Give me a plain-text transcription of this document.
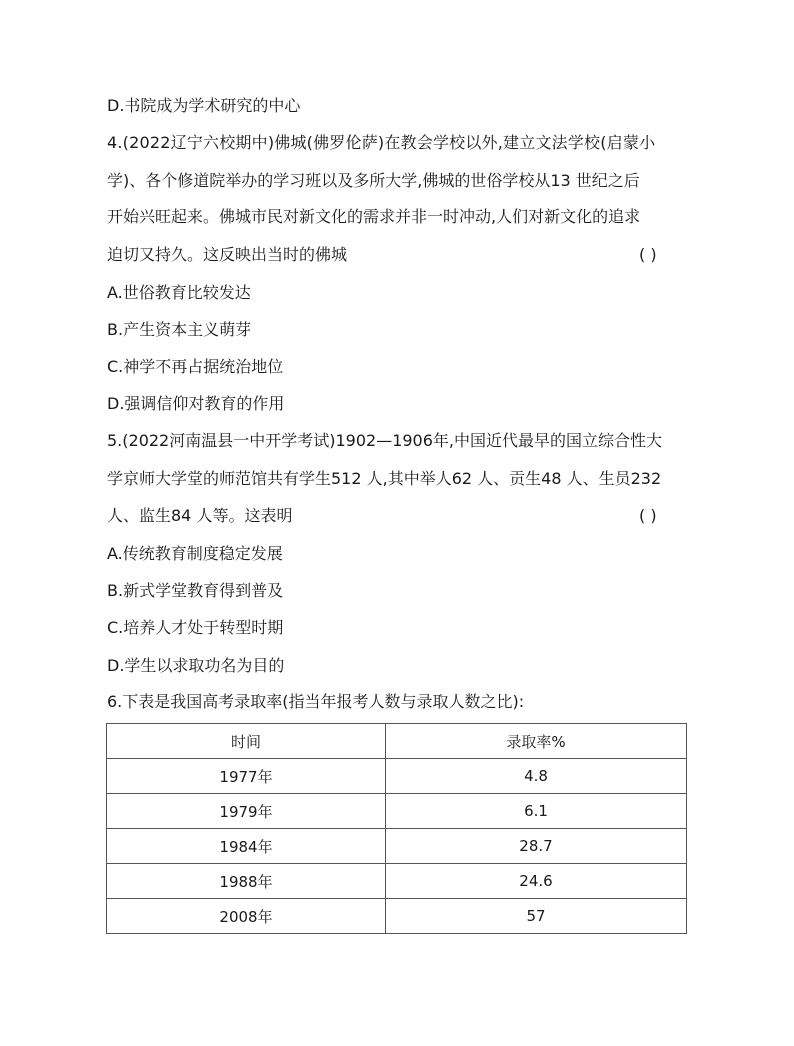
D.书院成为学术研究的中心
4.(2022辽宁六校期中)佛城(佛罗伦萨)在教会学校以外,建立文法学校(启蒙小
学)、各个修道院举办的学习班以及多所大学,佛城的世俗学校从13 世纪之后
开始兴旺起来。佛城市民对新文化的需求并非一时冲动,人们对新文化的追求
迫切又持久。这反映出当时的佛城	( )
A.世俗教育比较发达
B.产生资本主义萌芽
C.神学不再占据统治地位
D.强调信仰对教育的作用
5.(2022河南温县一中开学考试)1902—1906年,中国近代最早的国立综合性大
学京师大学堂的师范馆共有学生512 人,其中举人62 人、贡生48 人、生员232
人、监生84 人等。这表明	( )
A.传统教育制度稳定发展
B.新式学堂教育得到普及
C.培养人才处于转型时期
D.学生以求取功名为目的
6.下表是我国高考录取率(指当年报考人数与录取人数之比):
时间	录取率%
1977年	4.8
1979年	6.1
1984年	28.7
1988年	24.6
2008年	57
